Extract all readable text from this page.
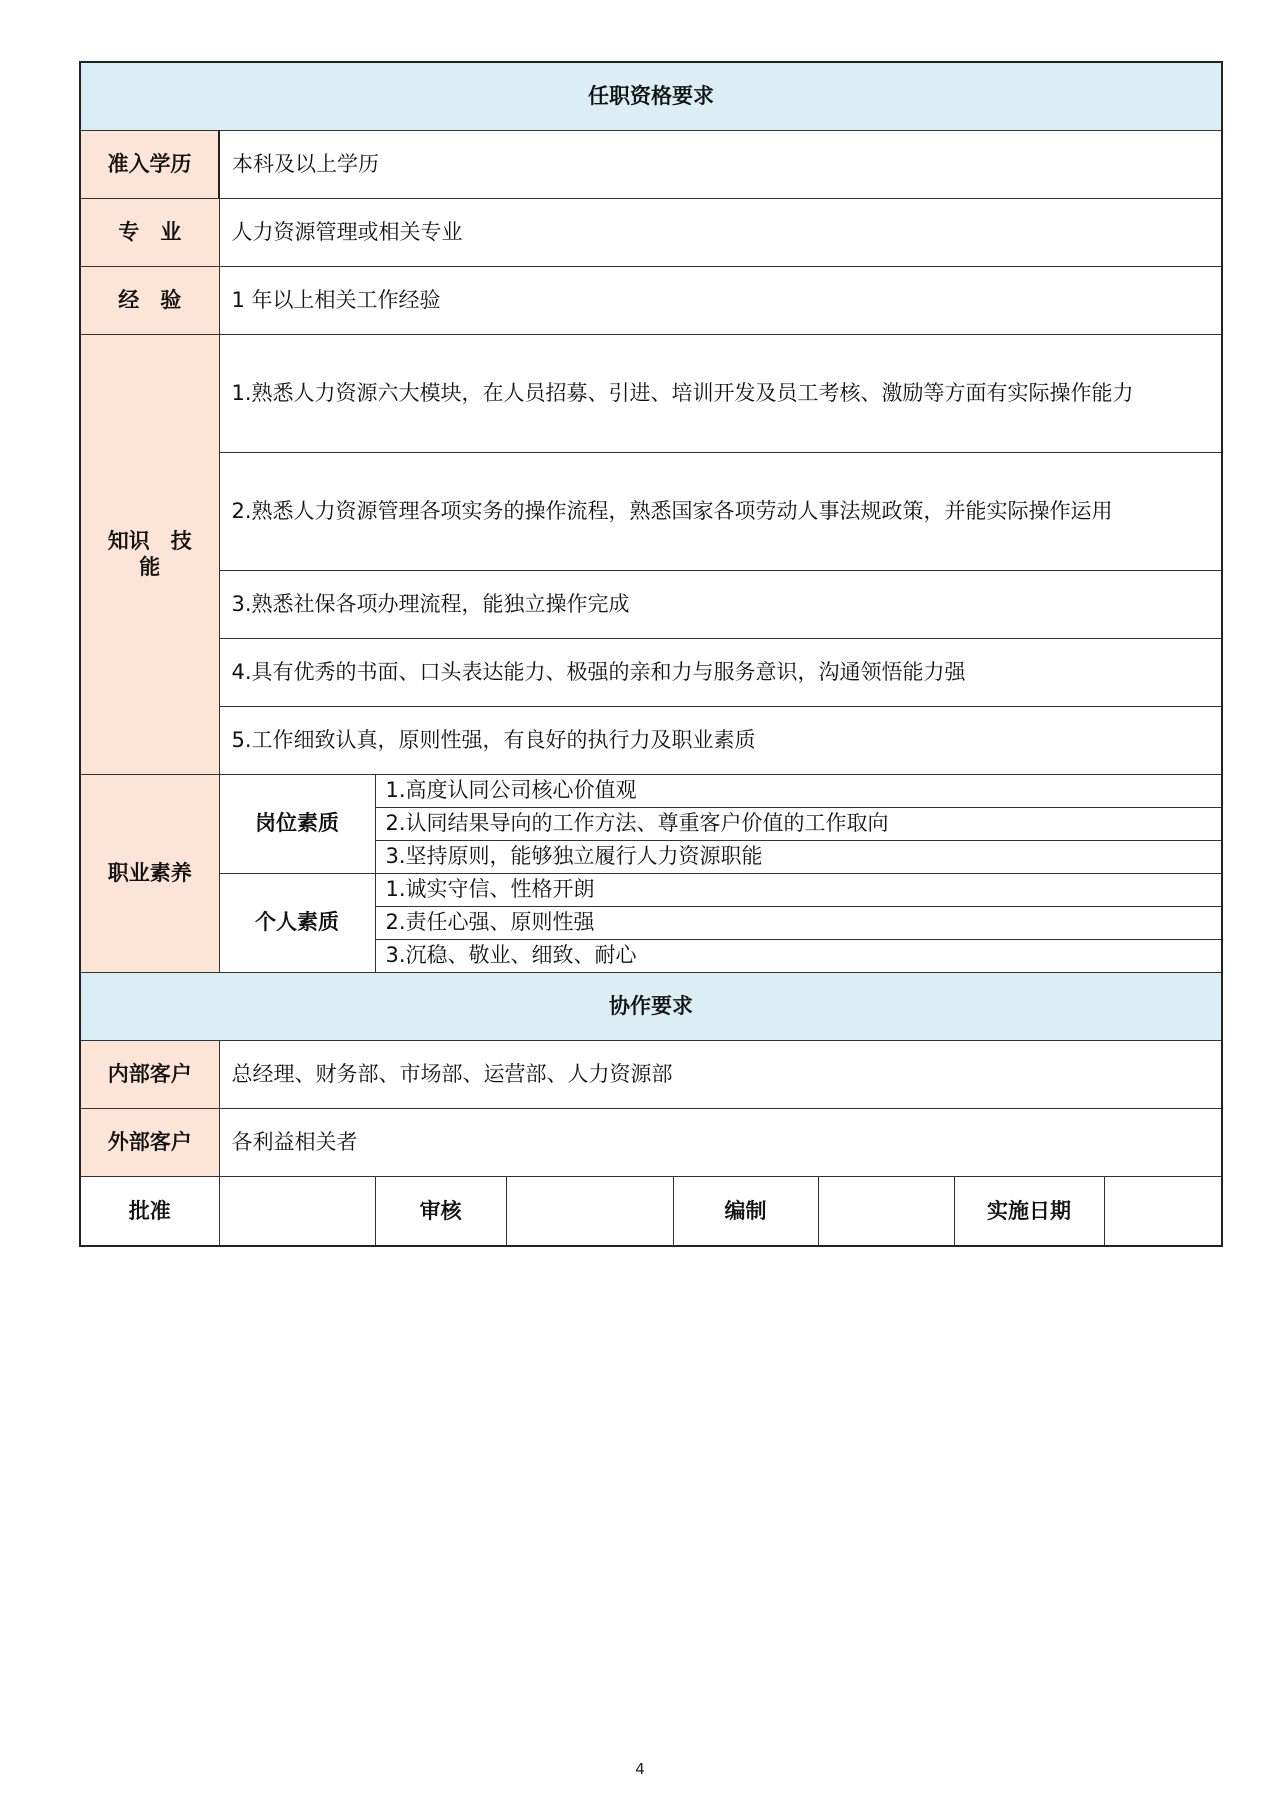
任职资格要求							
准入学历	本科及以上学历						
专　业	人力资源管理或相关专业						
经　验	1 年以上相关工作经验						

知识　技
能	1.熟悉人力资源六大模块，在人员招募、引进、培训开发及员工考核、激励等方面有实际操作能力						
	2.熟悉人力资源管理各项实务的操作流程，熟悉国家各项劳动人事法规政策，并能实际操作运用						
	3.熟悉社保各项办理流程，能独立操作完成						
	4.具有优秀的书面、口头表达能力、极强的亲和力与服务意识，沟通领悟能力强						
	5.工作细致认真，原则性强，有良好的执行力及职业素质						
职业素养	岗位素质	1.高度认同公司核心价值观					
		2.认同结果导向的工作方法、尊重客户价值的工作取向					
		3.坚持原则，能够独立履行人力资源职能					
	个人素质	1.诚实守信、性格开朗					
		2.责任心强、原则性强					
		3.沉稳、敬业、细致、耐心					
协作要求							
内部客户	总经理、财务部、市场部、运营部、人力资源部						
外部客户	各利益相关者						
批准		审核		编制		实施日期	
4
